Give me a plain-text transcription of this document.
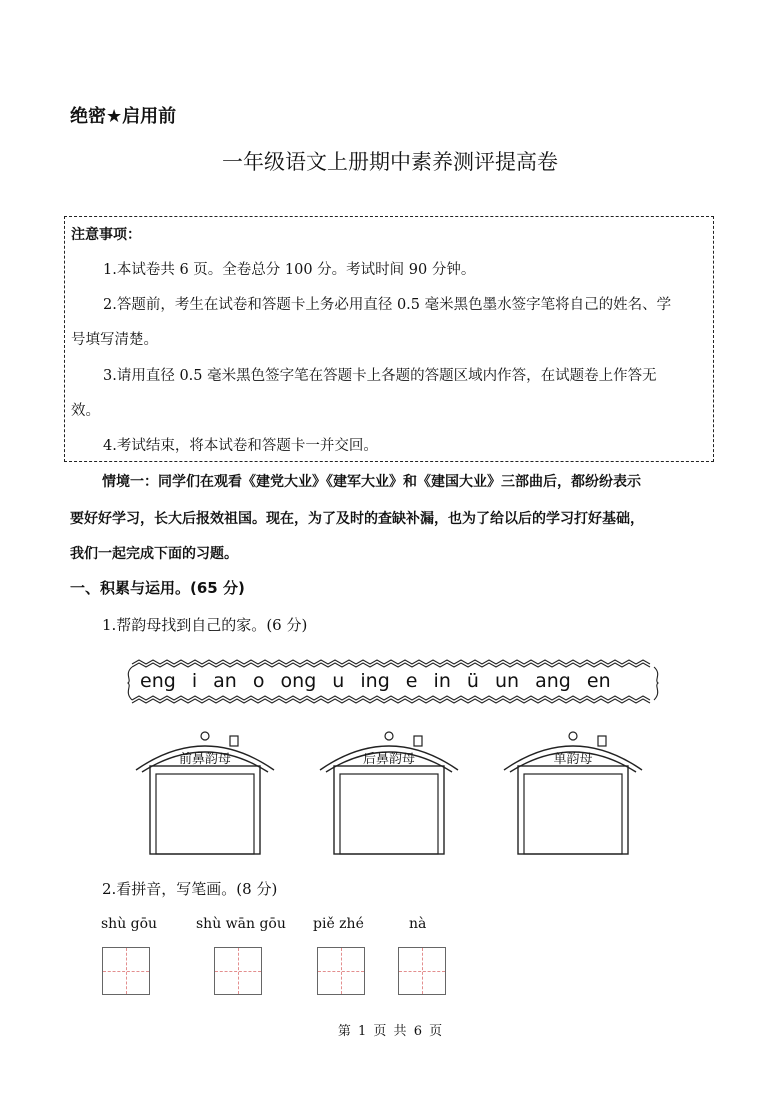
绝密★启用前
一年级语文上册期中素养测评提高卷
注意事项：
1.本试卷共 6 页。全卷总分 100 分。考试时间 90 分钟。
2.答题前，考生在试卷和答题卡上务必用直径 0.5 毫米黑色墨水签字笔将自己的姓名、学
号填写清楚。
3.请用直径 0.5 毫米黑色签字笔在答题卡上各题的答题区域内作答，在试题卷上作答无
效。
4.考试结束，将本试卷和答题卡一并交回。
情境一：同学们在观看《建党大业》《建军大业》和《建国大业》三部曲后，都纷纷表示
要好好学习，长大后报效祖国。现在，为了及时的查缺补漏，也为了给以后的学习打好基础，
我们一起完成下面的习题。
一、积累与运用。(65 分)
1.帮韵母找到自己的家。(6 分)
eng i an o ong u ing e in ü un ang en
前鼻韵母	后鼻韵母	单韵母
2.看拼音，写笔画。(8 分)
shù gōu	shù wān gōu piě zhé	nà
第 1 页 共 6 页
